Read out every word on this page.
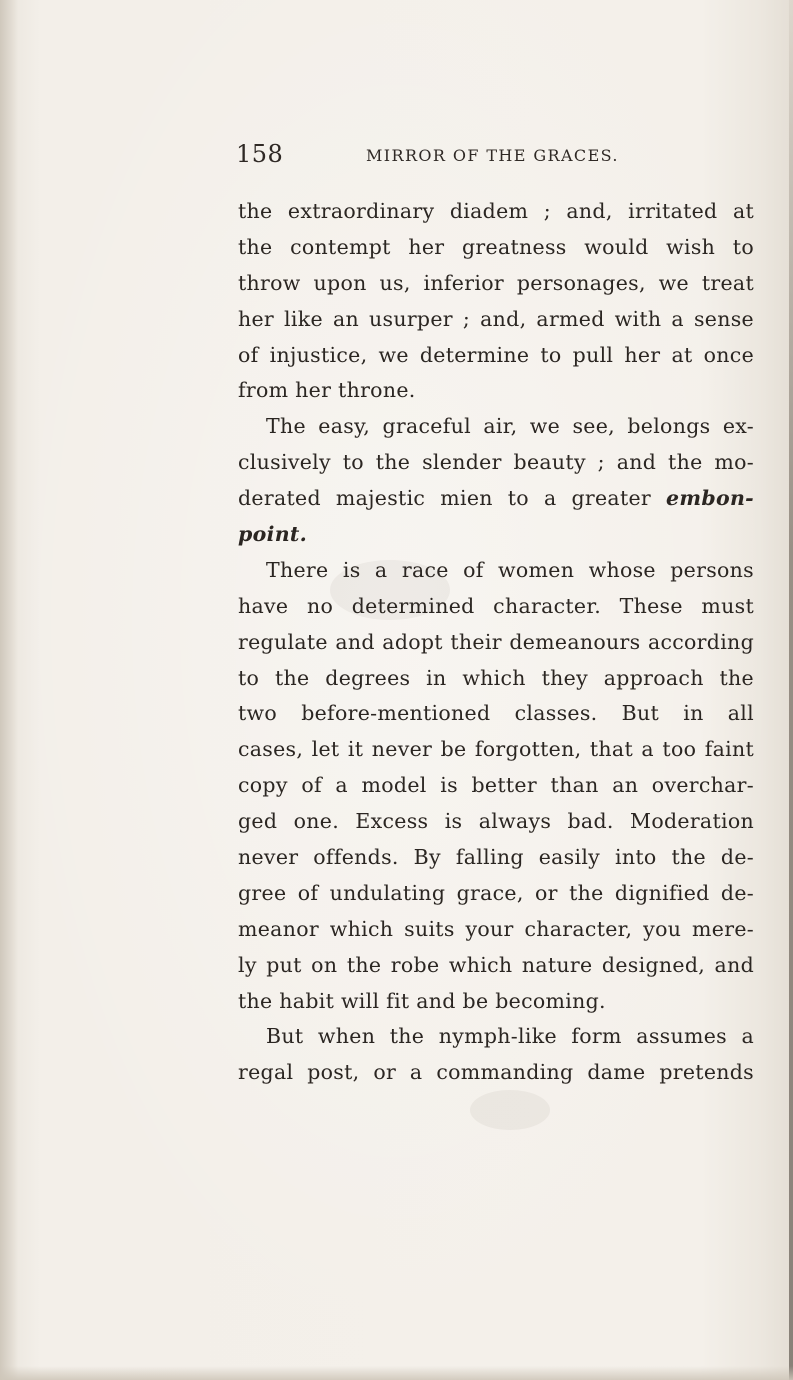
158	MIRROR OF THE GRACES.
the extraordinary diadem ; and, irritated at
the contempt her greatness would wish to
throw upon us, inferior personages, we treat
her like an usurper ; and, armed with a sense
of injustice, we determine to pull her at once
from her throne.
The easy, graceful air, we see, belongs ex-
clusively to the slender beauty ; and the mo-
derated majestic mien to a greater embon-
point.
There is a race of women whose persons
have no determined character. These must
regulate and adopt their demeanours according
to the degrees in which they approach the
two before-mentioned classes. But in all
cases, let it never be forgotten, that a too faint
copy of a model is better than an overchar-
ged one. Excess is always bad. Moderation
never offends. By falling easily into the de-
gree of undulating grace, or the dignified de-
meanor which suits your character, you mere-
ly put on the robe which nature designed, and
the habit will fit and be becoming.
But when the nymph-like form assumes a
regal post, or a commanding dame pretends
